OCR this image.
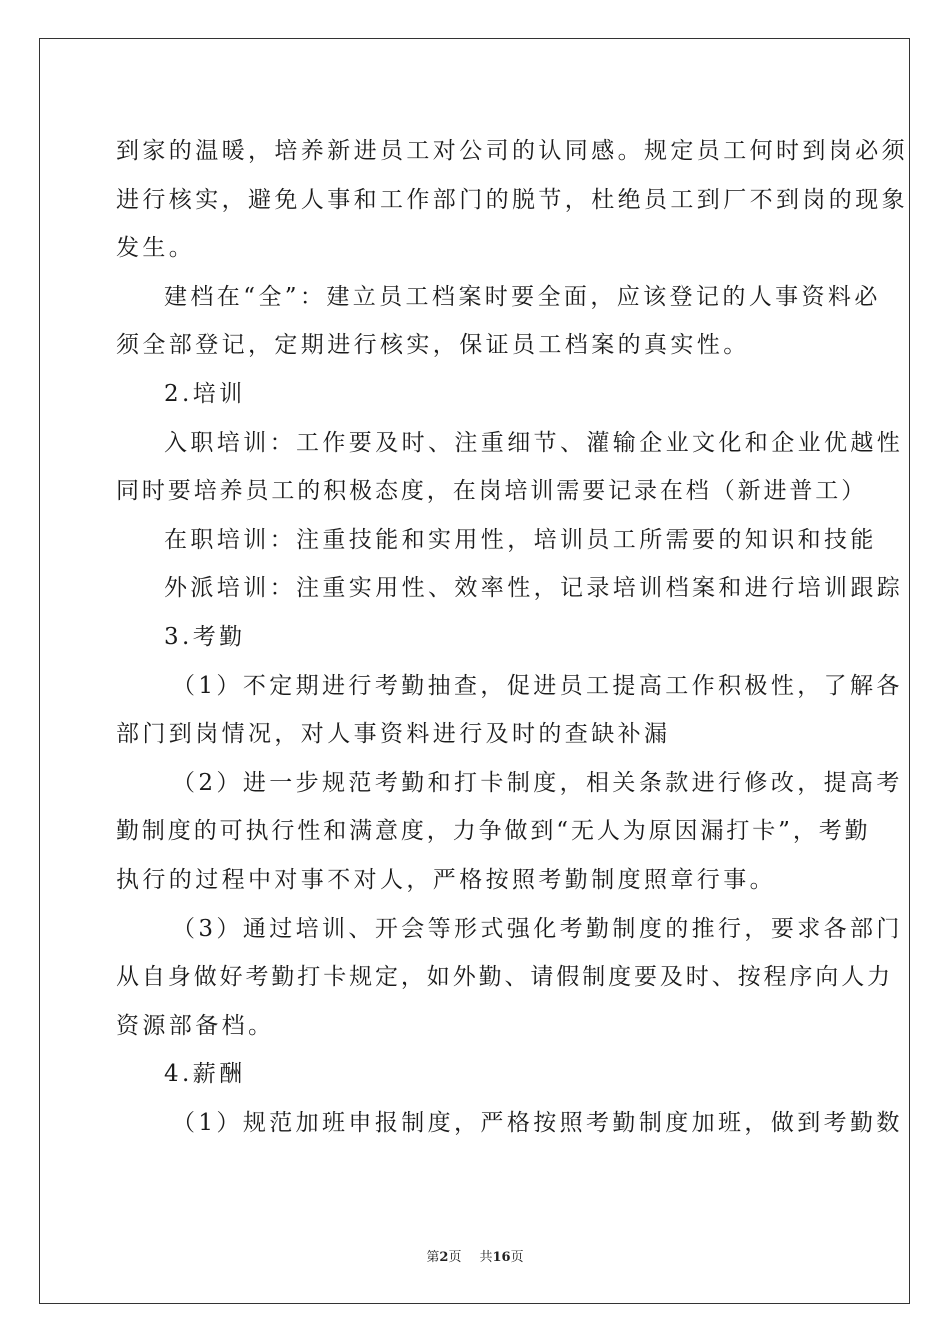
到家的温暖，培养新进员工对公司的认同感。规定员工何时到岗必须

进行核实，避免人事和工作部门的脱节，杜绝员工到厂不到岗的现象

发生。

建档在“全”：建立员工档案时要全面，应该登记的人事资料必

须全部登记，定期进行核实，保证员工档案的真实性。

2.培训

入职培训：工作要及时、注重细节、灌输企业文化和企业优越性

同时要培养员工的积极态度，在岗培训需要记录在档（新进普工）

在职培训：注重技能和实用性，培训员工所需要的知识和技能

外派培训：注重实用性、效率性，记录培训档案和进行培训跟踪

3.考勤

（1）不定期进行考勤抽查，促进员工提高工作积极性，了解各

部门到岗情况，对人事资料进行及时的查缺补漏

（2）进一步规范考勤和打卡制度，相关条款进行修改，提高考

勤制度的可执行性和满意度，力争做到“无人为原因漏打卡”，考勤

执行的过程中对事不对人，严格按照考勤制度照章行事。

（3）通过培训、开会等形式强化考勤制度的推行，要求各部门

从自身做好考勤打卡规定，如外勤、请假制度要及时、按程序向人力

资源部备档。

4.薪酬

（1）规范加班申报制度，严格按照考勤制度加班，做到考勤数

第2页 共16页
